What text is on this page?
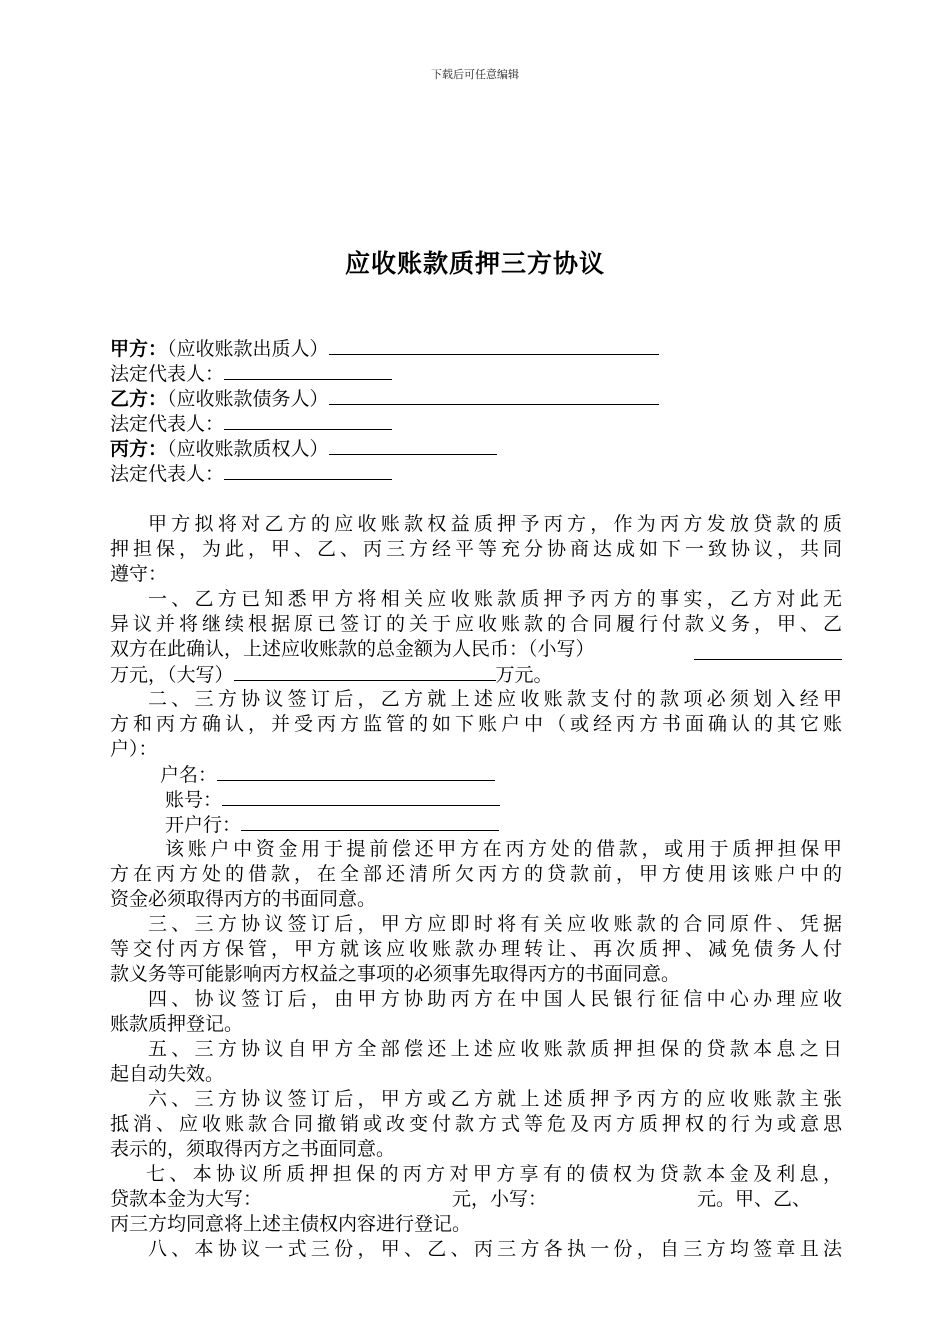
下载后可任意编辑
应收账款质押三方协议
甲方：（应收账款出质人）
法定代表人：
乙方：（应收账款债务人）
法定代表人：
丙方：（应收账款质权人）
法定代表人：
甲方拟将对乙方的应收账款权益质押予丙方，作为丙方发放贷款的质
押担保，为此，甲、乙、丙三方经平等充分协商达成如下一致协议，共同
遵守：
一、乙方已知悉甲方将相关应收账款质押予丙方的事实，乙方对此无
异议并将继续根据原已签订的关于应收账款的合同履行付款义务，甲、乙
双方在此确认，上述应收账款的总金额为人民币：（小写）
万元，（大写）	万元。
二、三方协议签订后，乙方就上述应收账款支付的款项必须划入经甲
方和丙方确认，并受丙方监管的如下账户中（或经丙方书面确认的其它账
户）：
户名：
账号：
开户行：
该账户中资金用于提前偿还甲方在丙方处的借款，或用于质押担保甲
方在丙方处的借款，在全部还清所欠丙方的贷款前，甲方使用该账户中的
资金必须取得丙方的书面同意。
三、三方协议签订后，甲方应即时将有关应收账款的合同原件、凭据
等交付丙方保管，甲方就该应收账款办理转让、再次质押、减免债务人付
款义务等可能影响丙方权益之事项的必须事先取得丙方的书面同意。
四、协议签订后，由甲方协助丙方在中国人民银行征信中心办理应收
账款质押登记。
五、三方协议自甲方全部偿还上述应收账款质押担保的贷款本息之日
起自动失效。
六、三方协议签订后，甲方或乙方就上述质押予丙方的应收账款主张
抵消、应收账款合同撤销或改变付款方式等危及丙方质押权的行为或意思
表示的，须取得丙方之书面同意。
七、本协议所质押担保的丙方对甲方享有的债权为贷款本金及利息，
贷款本金为大写：	元，小写：	元。甲、乙、
丙三方均同意将上述主债权内容进行登记。
八、本协议一式三份，甲、乙、丙三方各执一份，自三方均签章且法
